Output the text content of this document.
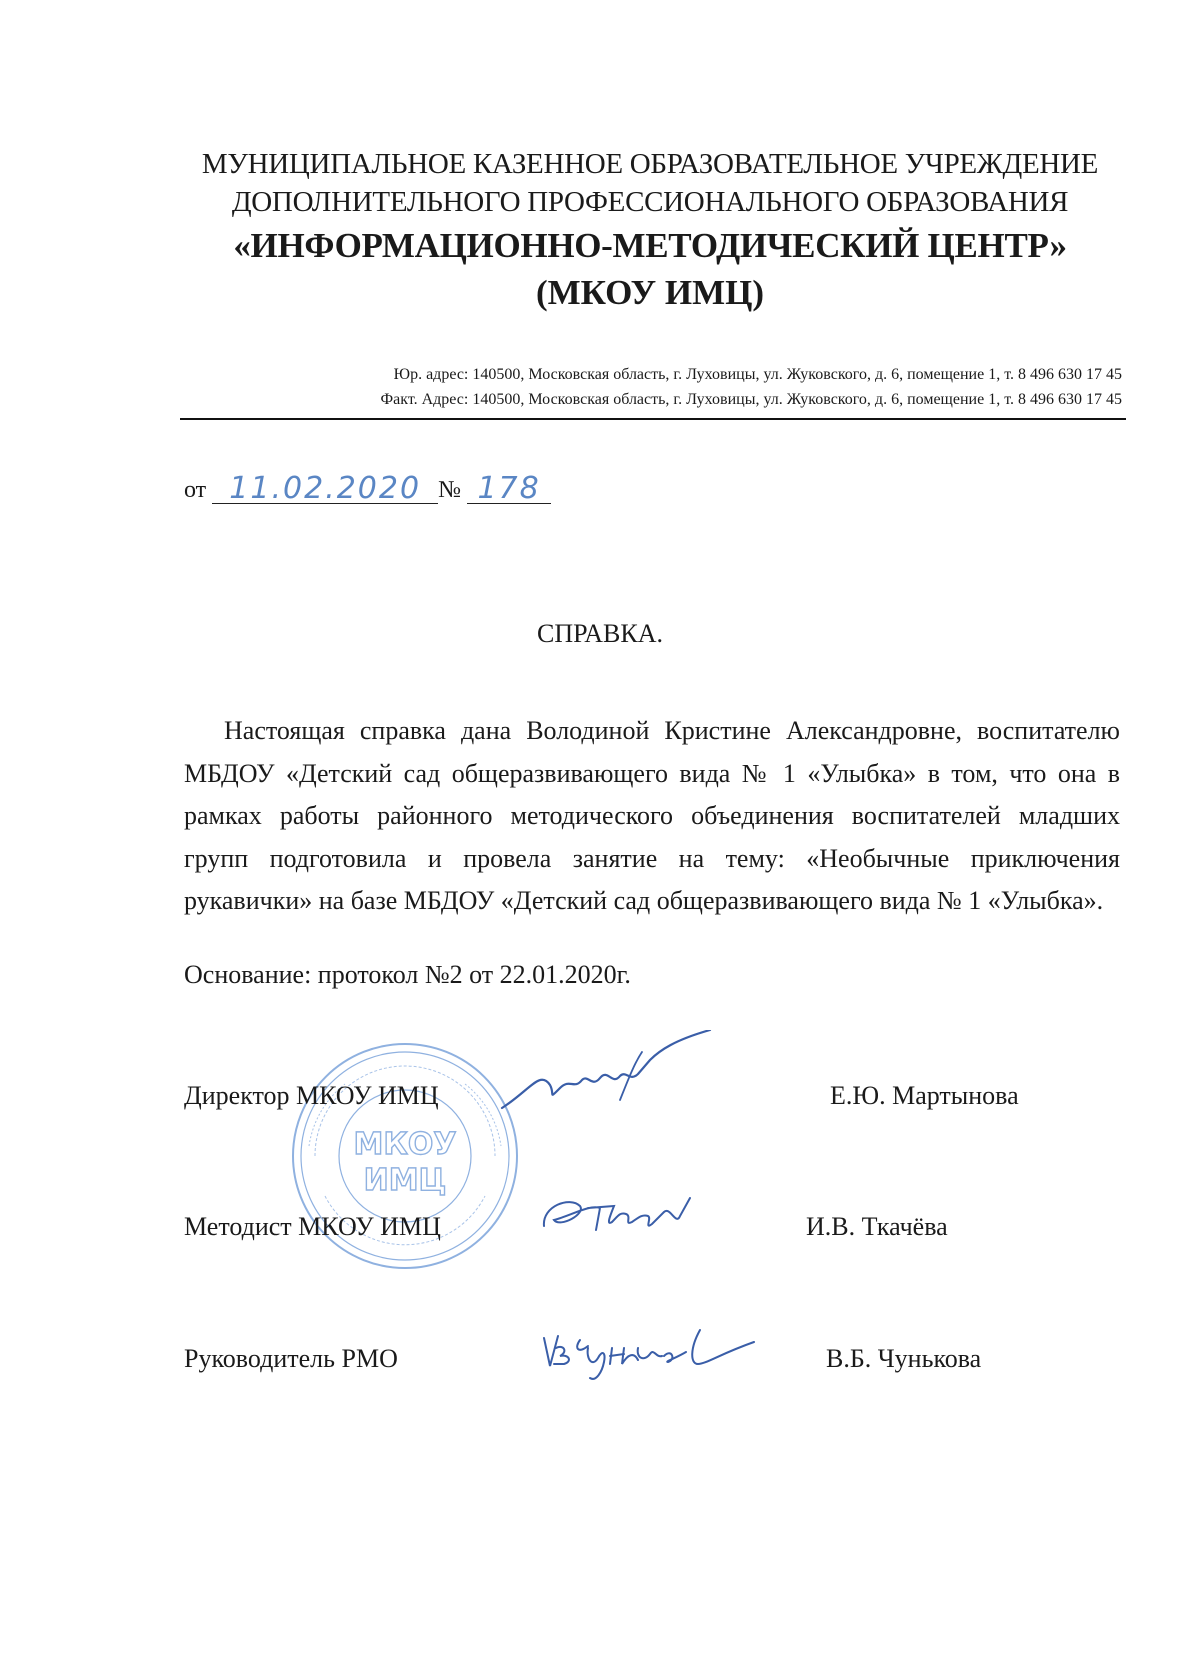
МУНИЦИПАЛЬНОЕ КАЗЕННОЕ ОБРАЗОВАТЕЛЬНОЕ УЧРЕЖДЕНИЕ
ДОПОЛНИТЕЛЬНОГО ПРОФЕССИОНАЛЬНОГО ОБРАЗОВАНИЯ
«ИНФОРМАЦИОННО-МЕТОДИЧЕСКИЙ ЦЕНТР»
(МКОУ ИМЦ)
Юр. адрес: 140500, Московская область, г. Луховицы, ул. Жуковского, д. 6, помещение 1, т. 8 496 630 17 45
Факт. Адрес: 140500, Московская область, г. Луховицы, ул. Жуковского, д. 6, помещение 1, т. 8 496 630 17 45
от 11.02.2020 № 178
СПРАВКА.
Настоящая справка дана Володиной Кристине Александровне, воспитателю МБДОУ «Детский сад общеразвивающего вида № 1 «Улыбка» в том, что она в рамках работы районного методического объединения воспитателей младших групп подготовила и провела занятие на тему: «Необычные приключения рукавички» на базе МБДОУ «Детский сад общеразвивающего вида № 1 «Улыбка».
Основание: протокол №2 от 22.01.2020г.
МКОУ
ИМЦ
Директор МКОУ ИМЦ	Е.Ю. Мартынова
Методист МКОУ ИМЦ	И.В. Ткачёва
Руководитель РМО	В.Б. Чунькова
